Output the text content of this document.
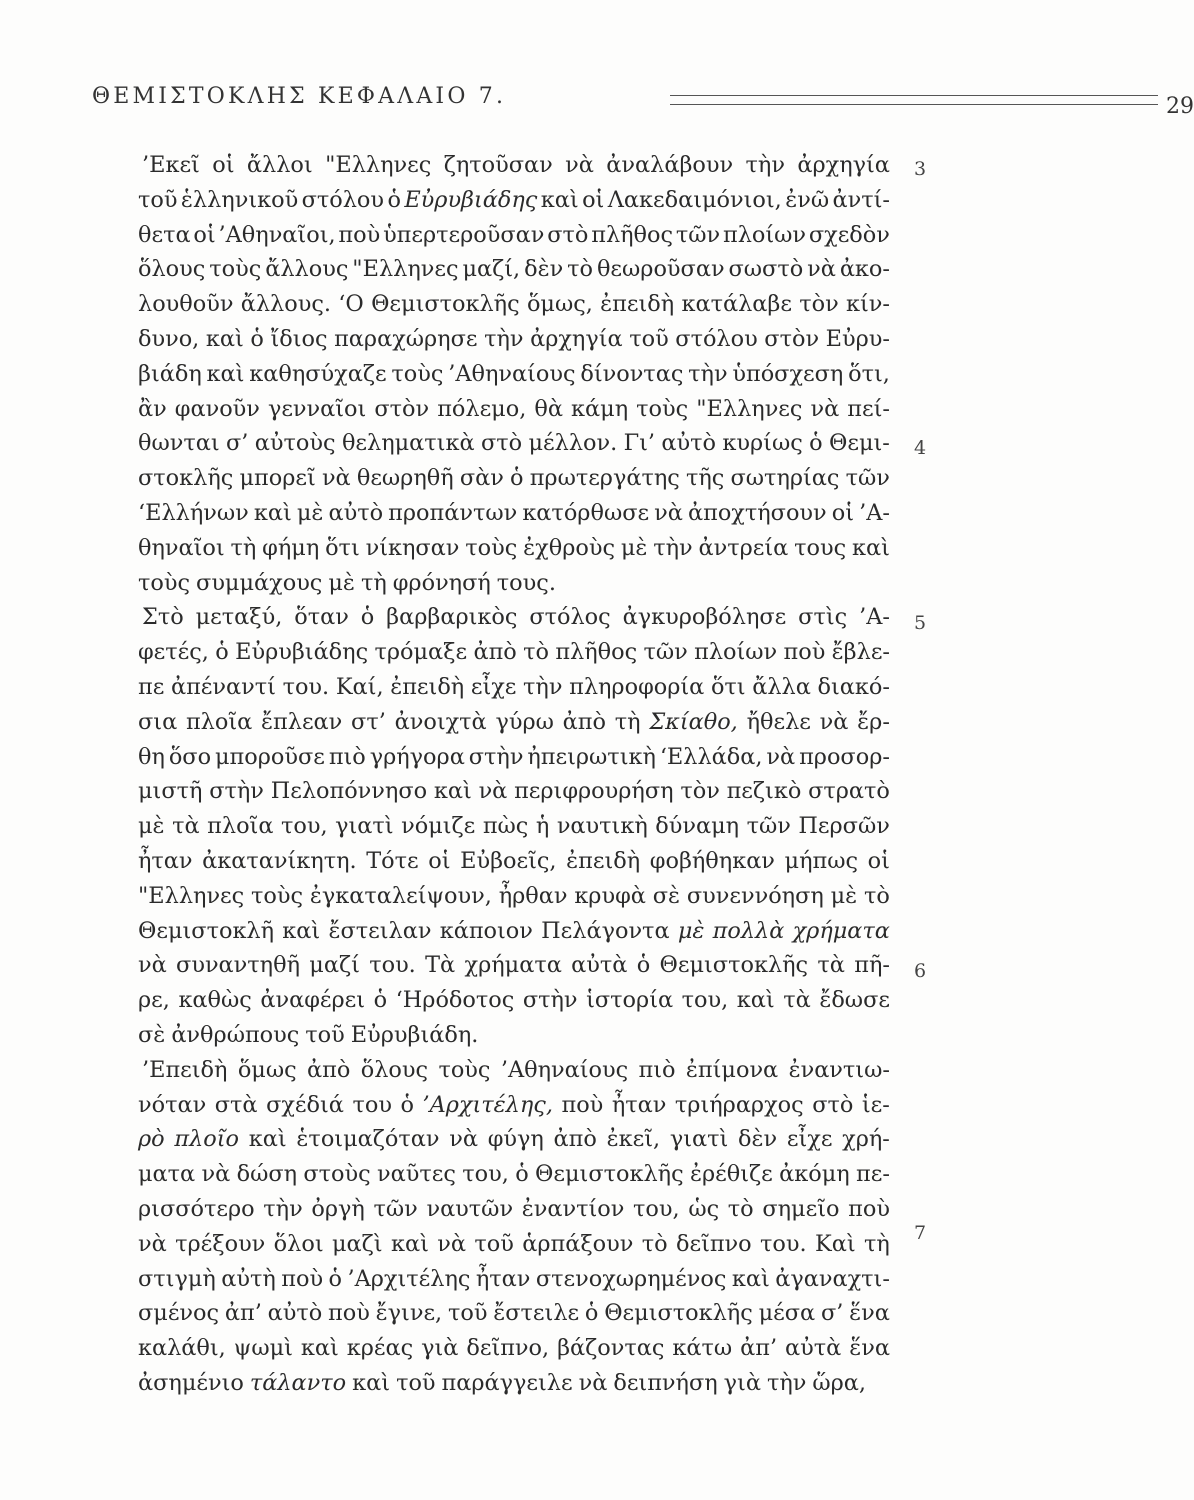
ΘΕΜΙΣΤΟΚΛΗΣ ΚΕΦΑΛΑΙΟ 7.	29
’Εκεῖ οἱ ἄλλοι "Ελληνες ζητοῦσαν νὰ ἀναλάβουν τὴν ἀρχηγία
τοῦ ἑλληνικοῦ στόλου ὁ Εὐρυβιάδης καὶ οἱ Λακεδαιμόνιοι, ἐνῶ ἀντί-
θετα οἱ ’Αθηναῖοι, ποὺ ὑπερτεροῦσαν στὸ πλῆθος τῶν πλοίων σχεδὸν
ὅλους τοὺς ἄλλους "Ελληνες μαζί, δὲν τὸ θεωροῦσαν σωστὸ νὰ ἀκο-
λουθοῦν ἄλλους. ‘Ο Θεμιστοκλῆς ὅμως, ἐπειδὴ κατάλαβε τὸν κίν-
δυνο, καὶ ὁ ἴδιος παραχώρησε τὴν ἀρχηγία τοῦ στόλου στὸν Εὐρυ-
βιάδη καὶ καθησύχαζε τοὺς ’Αθηναίους δίνοντας τὴν ὑπόσχεση ὅτι,
ἂν φανοῦν γενναῖοι στὸν πόλεμο, θὰ κάμη τοὺς "Ελληνες νὰ πεί-
θωνται σ’ αὐτοὺς θεληματικὰ στὸ μέλλον. Γι’ αὐτὸ κυρίως ὁ Θεμι-
στοκλῆς μπορεῖ νὰ θεωρηθῆ σὰν ὁ πρωτεργάτης τῆς σωτηρίας τῶν
‘Ελλήνων καὶ μὲ αὐτὸ προπάντων κατόρθωσε νὰ ἀποχτήσουν οἱ ’Α-
θηναῖοι τὴ φήμη ὅτι νίκησαν τοὺς ἐχθροὺς μὲ τὴν ἀντρεία τους καὶ
τοὺς συμμάχους μὲ τὴ φρόνησή τους.
Στὸ μεταξύ, ὅταν ὁ βαρβαρικὸς στόλος ἀγκυροβόλησε στὶς ’Α-
φετές, ὁ Εὐρυβιάδης τρόμαξε ἀπὸ τὸ πλῆθος τῶν πλοίων ποὺ ἔβλε-
πε ἀπέναντί του. Καί, ἐπειδὴ εἶχε τὴν πληροφορία ὅτι ἄλλα διακό-
σια πλοῖα ἔπλεαν στ’ ἀνοιχτὰ γύρω ἀπὸ τὴ Σκίαθο, ἤθελε νὰ ἔρ-
θη ὅσο μποροῦσε πιὸ γρήγορα στὴν ἠπειρωτικὴ ‘Ελλάδα, νὰ προσορ-
μιστῆ στὴν Πελοπόννησο καὶ νὰ περιφρουρήση τὸν πεζικὸ στρατὸ
μὲ τὰ πλοῖα του, γιατὶ νόμιζε πὼς ἡ ναυτικὴ δύναμη τῶν Περσῶν
ἦταν ἀκατανίκητη. Τότε οἱ Εὐβοεῖς, ἐπειδὴ φοβήθηκαν μήπως οἱ
"Ελληνες τοὺς ἐγκαταλείψουν, ἦρθαν κρυφὰ σὲ συνεννόηση μὲ τὸ
Θεμιστοκλῆ καὶ ἔστειλαν κάποιον Πελάγοντα μὲ πολλὰ χρήματα
νὰ συναντηθῆ μαζί του. Τὰ χρήματα αὐτὰ ὁ Θεμιστοκλῆς τὰ πῆ-
ρε, καθὼς ἀναφέρει ὁ ‘Ηρόδοτος στὴν ἱστορία του, καὶ τὰ ἔδωσε
σὲ ἀνθρώπους τοῦ Εὐρυβιάδη.
’Επειδὴ ὅμως ἀπὸ ὅλους τοὺς ’Αθηναίους πιὸ ἐπίμονα ἐναντιω-
νόταν στὰ σχέδιά του ὁ ’Αρχιτέλης, ποὺ ἦταν τριήραρχος στὸ ἱε-
ρὸ πλοῖο καὶ ἑτοιμαζόταν νὰ φύγη ἀπὸ ἐκεῖ, γιατὶ δὲν εἶχε χρή-
ματα νὰ δώση στοὺς ναῦτες του, ὁ Θεμιστοκλῆς ἐρέθιζε ἀκόμη πε-
ρισσότερο τὴν ὀργὴ τῶν ναυτῶν ἐναντίον του, ὡς τὸ σημεῖο ποὺ
νὰ τρέξουν ὅλοι μαζὶ καὶ νὰ τοῦ ἁρπάξουν τὸ δεῖπνο του. Καὶ τὴ
στιγμὴ αὐτὴ ποὺ ὁ ’Αρχιτέλης ἦταν στενοχωρημένος καὶ ἀγαναχτι-
σμένος ἀπ’ αὐτὸ ποὺ ἔγινε, τοῦ ἔστειλε ὁ Θεμιστοκλῆς μέσα σ’ ἕνα
καλάθι, ψωμὶ καὶ κρέας γιὰ δεῖπνο, βάζοντας κάτω ἀπ’ αὐτὰ ἕνα
ἀσημένιο τάλαντο καὶ τοῦ παράγγειλε νὰ δειπνήση γιὰ τὴν ὥρα,
3
4
5
6
7
